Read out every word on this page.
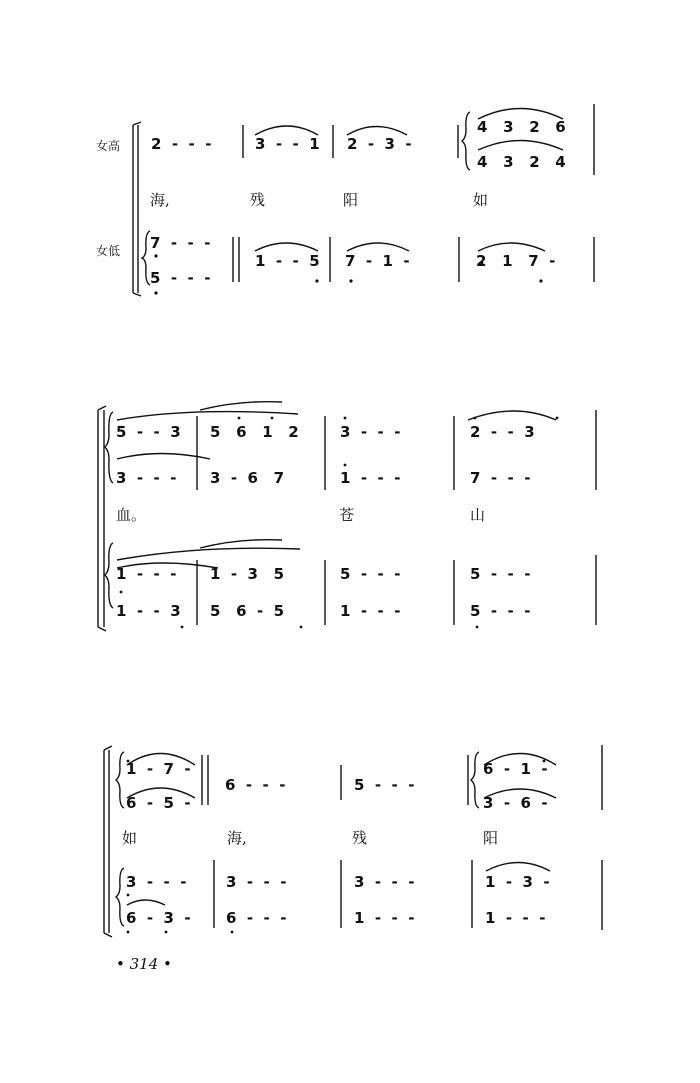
女高
女低
2  -  -  -	3  -  -  1 2  -  3  -
4   3   2   6
4   3   2   4
海,	残	阳	如
7  -  -  -
5  -  -  -
1  -  -  5 7  -  1  -	2   1   7  -
5  -  -  3 5   6   1   2	3  -  -  -	2  -  -  3
3  -  -  - 3  -  6   7	1  -  -  -	7  -  -  -
血。	苍	山
1  -  -  - 1  -  3   5	5  -  -  -	5  -  -  -
1  -  -  3 5   6  -  5	1  -  -  -	5  -  -  -
1  -  7  -
6  -  5  -
6  -  -  -	5  -  -  -
6  -  1  -
3  -  6  -
如	海,	残	阳
3  -  -  -	3  -  -  -	3  -  -  -	1  -  3  -
6  -  3  - 6  -  -  -	1  -  -  -	1  -  -  -
• 314 •
